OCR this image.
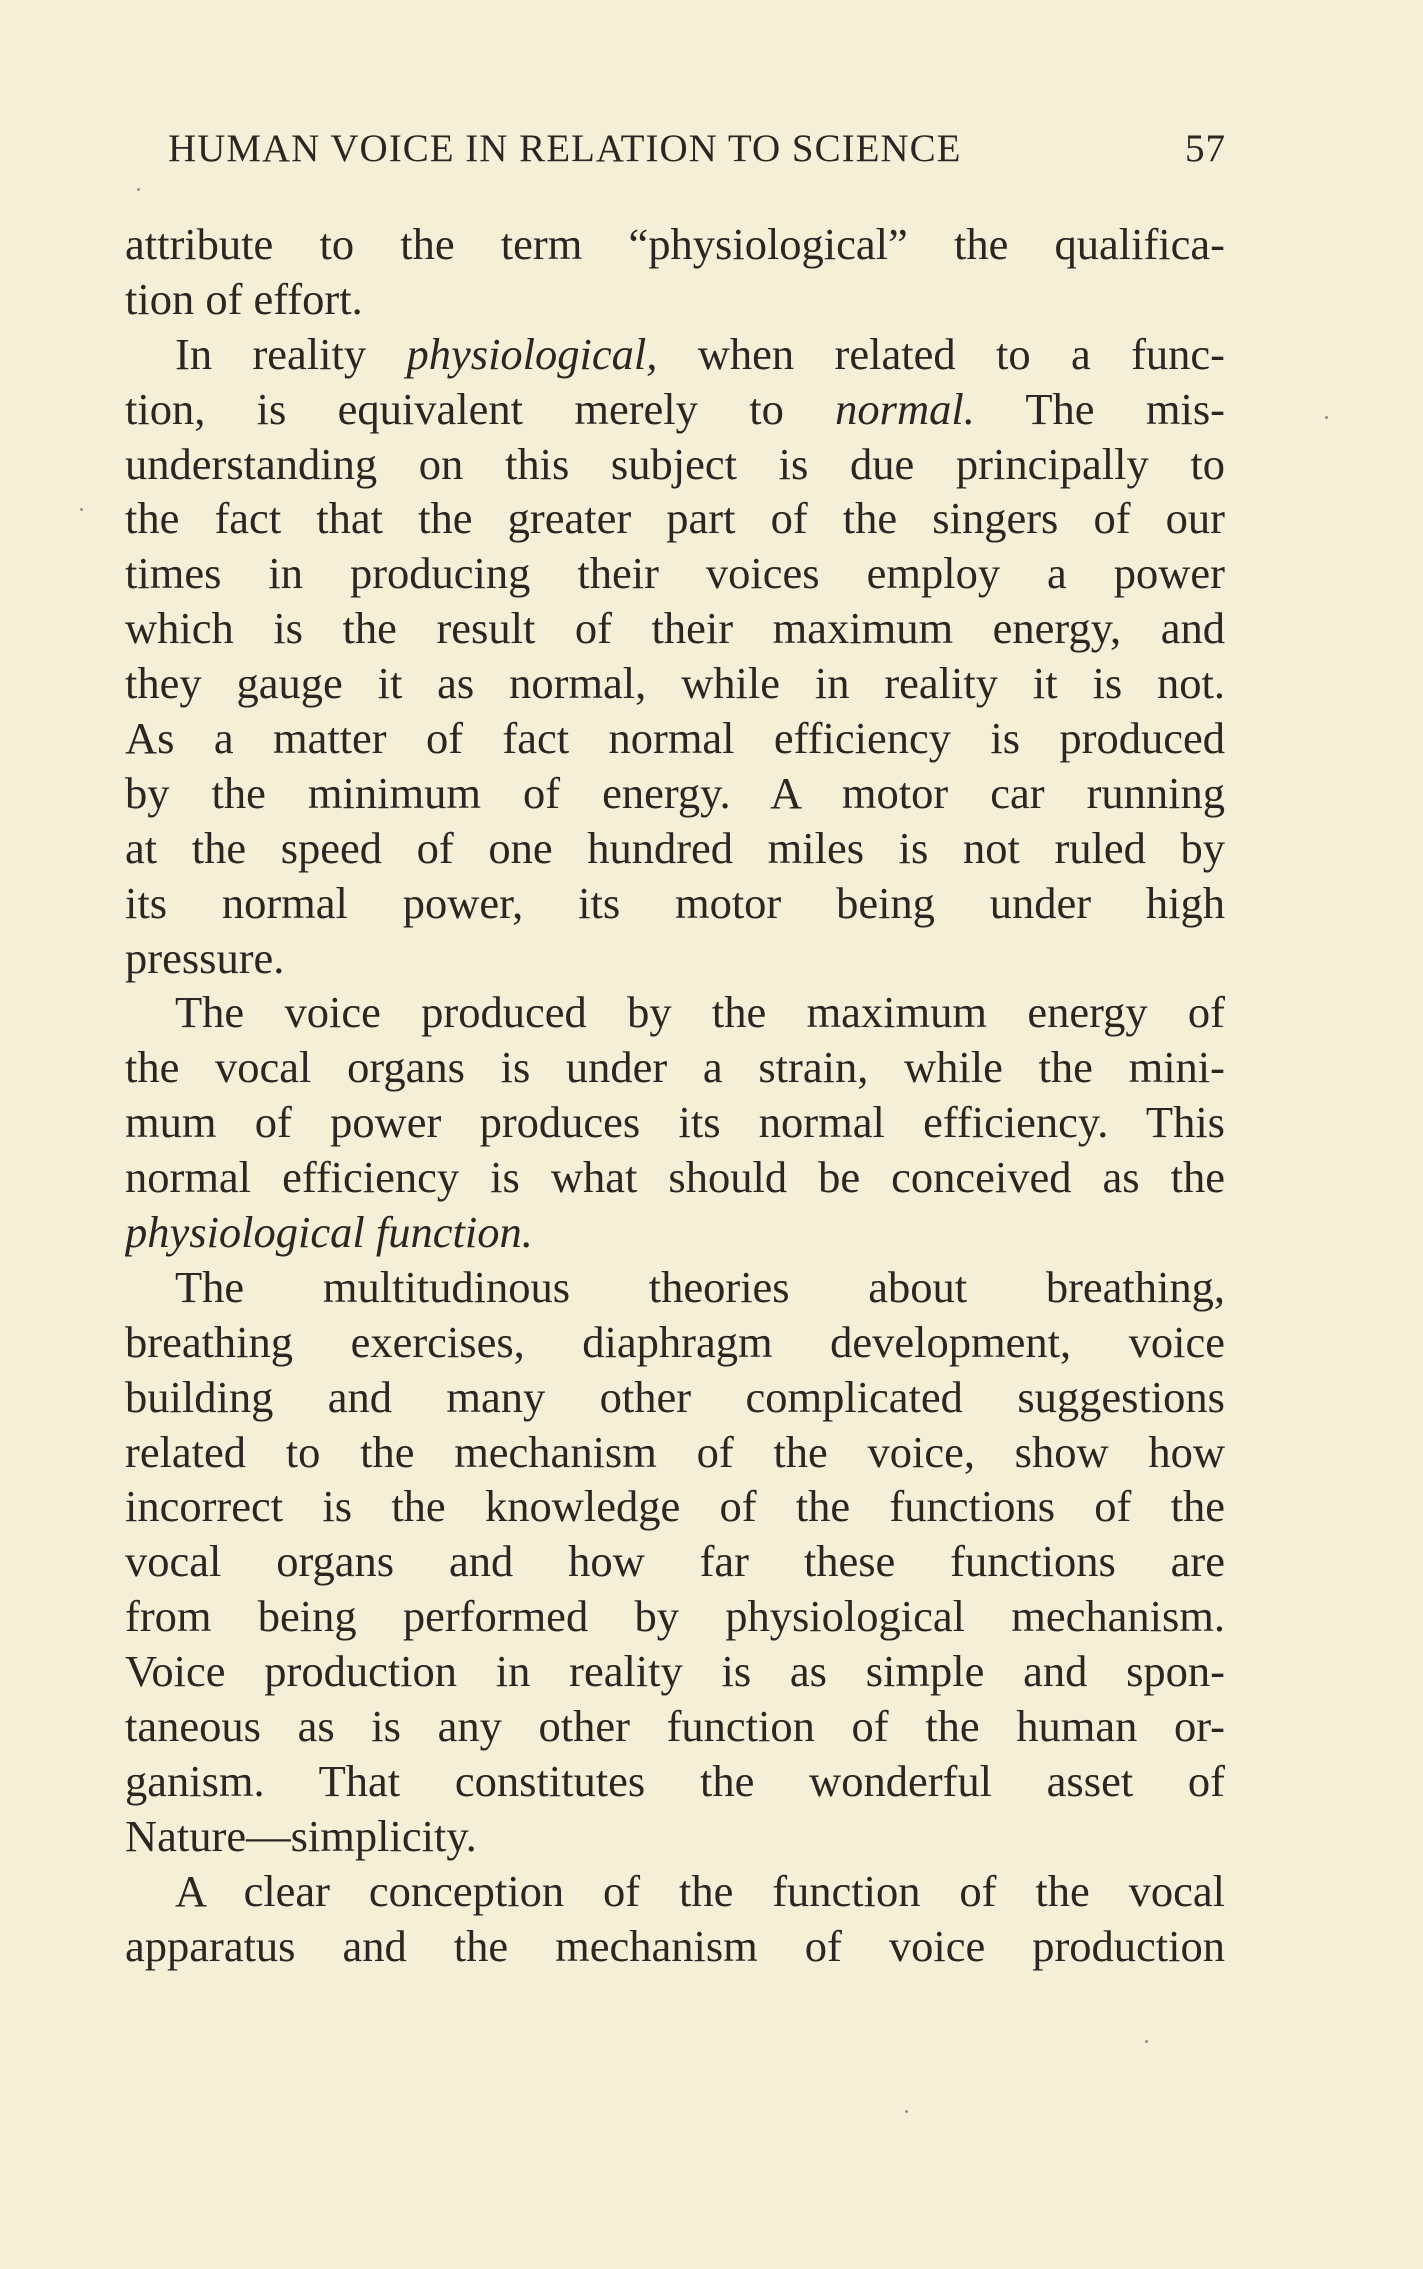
HUMAN VOICE IN RELATION TO SCIENCE	57
attribute to the term “physiological” the qualifica-
tion of effort.
In reality physiological, when related to a func-
tion, is equivalent merely to normal. The mis-
understanding on this subject is due principally to
the fact that the greater part of the singers of our
times in producing their voices employ a power
which is the result of their maximum energy, and
they gauge it as normal, while in reality it is not.
As a matter of fact normal efficiency is produced
by the minimum of energy. A motor car running
at the speed of one hundred miles is not ruled by
its normal power, its motor being under high
pressure.
The voice produced by the maximum energy of
the vocal organs is under a strain, while the mini-
mum of power produces its normal efficiency. This
normal efficiency is what should be conceived as the
physiological function.
The multitudinous theories about breathing,
breathing exercises, diaphragm development, voice
building and many other complicated suggestions
related to the mechanism of the voice, show how
incorrect is the knowledge of the functions of the
vocal organs and how far these functions are
from being performed by physiological mechanism.
Voice production in reality is as simple and spon-
taneous as is any other function of the human or-
ganism. That constitutes the wonderful asset of
Nature—simplicity.
A clear conception of the function of the vocal
apparatus and the mechanism of voice production
